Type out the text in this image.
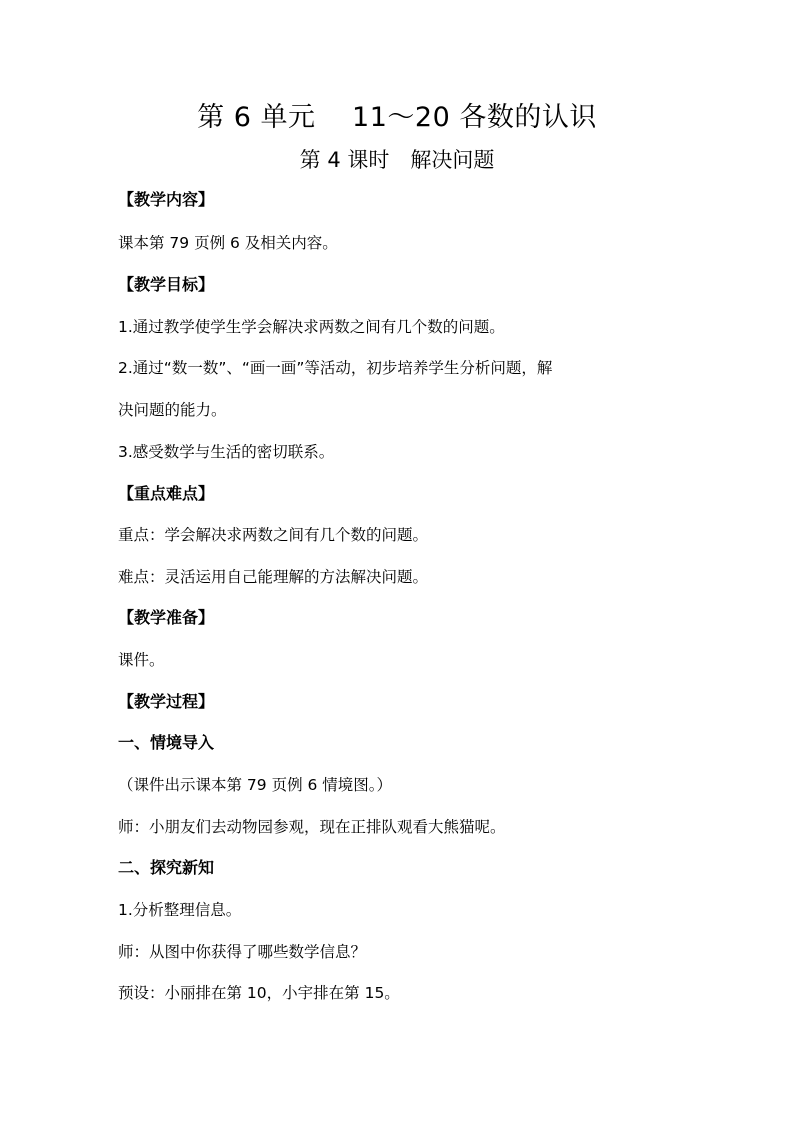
第 6 单元　 11～20 各数的认识
第 4 课时　解决问题
【教学内容】
课本第 79 页例 6 及相关内容。
【教学目标】
1.通过教学使学生学会解决求两数之间有几个数的问题。
2.通过“数一数”、“画一画”等活动，初步培养学生分析问题，解
决问题的能力。
3.感受数学与生活的密切联系。
【重点难点】
重点：学会解决求两数之间有几个数的问题。
难点：灵活运用自己能理解的方法解决问题。
【教学准备】
课件。
【教学过程】
一、情境导入
（课件出示课本第 79 页例 6 情境图。）
师：小朋友们去动物园参观，现在正排队观看大熊猫呢。
二、探究新知
1.分析整理信息。
师：从图中你获得了哪些数学信息？
预设：小丽排在第 10，小宇排在第 15。
